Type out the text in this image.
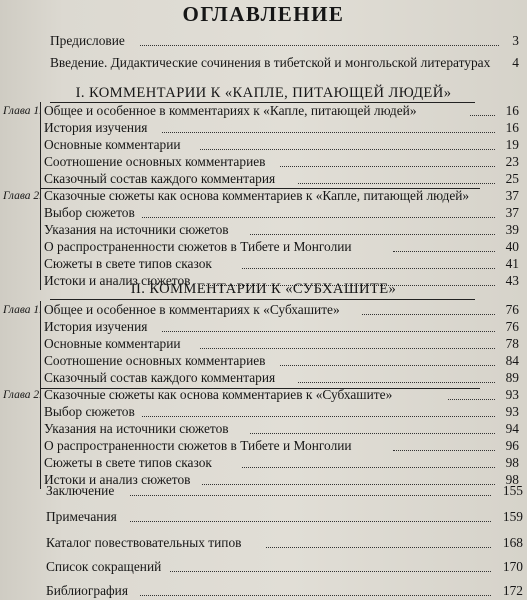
ОГЛАВЛЕНИЕ
Предисловие	3
Введение. Дидактические сочинения в тибетской и монгольской литературах 4
I. КОММЕНТАРИИ К «КАПЛЕ, ПИТАЮЩЕЙ ЛЮДЕЙ»
Глава 1. Общее и особенное в комментариях к «Капле, питающей людей»	16
История изучения	16
Основные комментарии	19
Соотношение основных комментариев	23
Сказочный состав каждого комментария	25
Глава 2. Сказочные сюжеты как основа комментариев к «Капле, питающей людей»	37
Выбор сюжетов	37
Указания на источники сюжетов	39
О распространенности сюжетов в Тибете и Монголии	40
Сюжеты в свете типов сказок	41
Истоки и анализ сюжетов	43
II. КОММЕНТАРИИ К «СУБХАШИТЕ»
Глава 1. Общее и особенное в комментариях к «Субхашите»	76
История изучения	76
Основные комментарии	78
Соотношение основных комментариев	84
Сказочный состав каждого комментария	89
Глава 2. Сказочные сюжеты как основа комментариев к «Субхашите»	93
Выбор сюжетов	93
Указания на источники сюжетов	94
О распространенности сюжетов в Тибете и Монголии	96
Сюжеты в свете типов сказок	98
Истоки и анализ сюжетов	98
Заключение	155
Примечания	159
Каталог повествовательных типов	168
Список сокращений	170
Библиография	172
